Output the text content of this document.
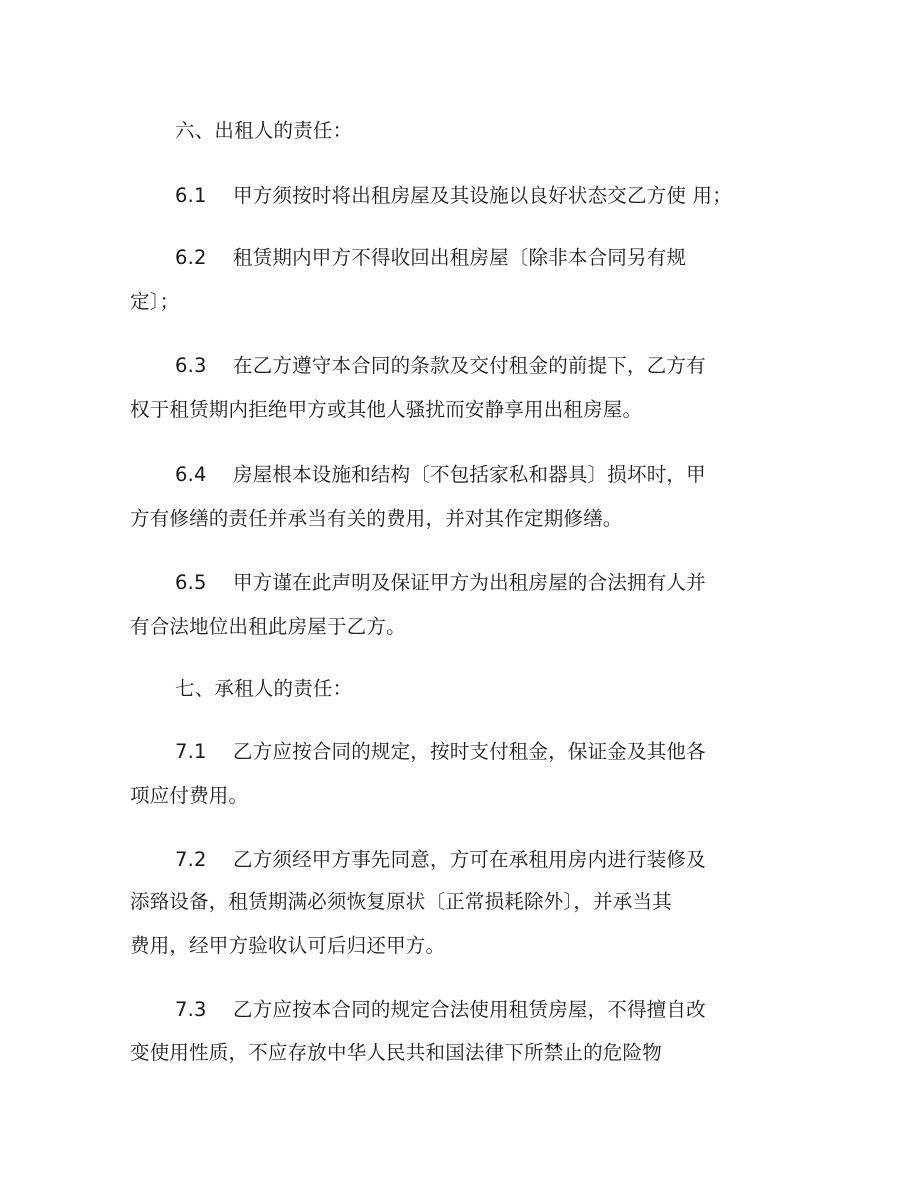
六、出租人的责任：
6.1 甲方须按时将出租房屋及其设施以良好状态交乙方使 用；
6.2 租赁期内甲方不得收回出租房屋〔除非本合同另有规
定〕；
6.3 在乙方遵守本合同的条款及交付租金的前提下，乙方有
权于租赁期内拒绝甲方或其他人骚扰而安静享用出租房屋。
6.4 房屋根本设施和结构〔不包括家私和器具〕损坏时，甲
方有修缮的责任并承当有关的费用，并对其作定期修缮。
6.5 甲方谨在此声明及保证甲方为出租房屋的合法拥有人并
有合法地位出租此房屋于乙方。
七、承租人的责任：
7.1 乙方应按合同的规定，按时支付租金，保证金及其他各
项应付费用。
7.2 乙方须经甲方事先同意，方可在承租用房内进行装修及
添臵设备，租赁期满必须恢复原状〔正常损耗除外〕，并承当其
费用，经甲方验收认可后归还甲方。
7.3 乙方应按本合同的规定合法使用租赁房屋，不得擅自改
变使用性质，不应存放中华人民共和国法律下所禁止的危险物
